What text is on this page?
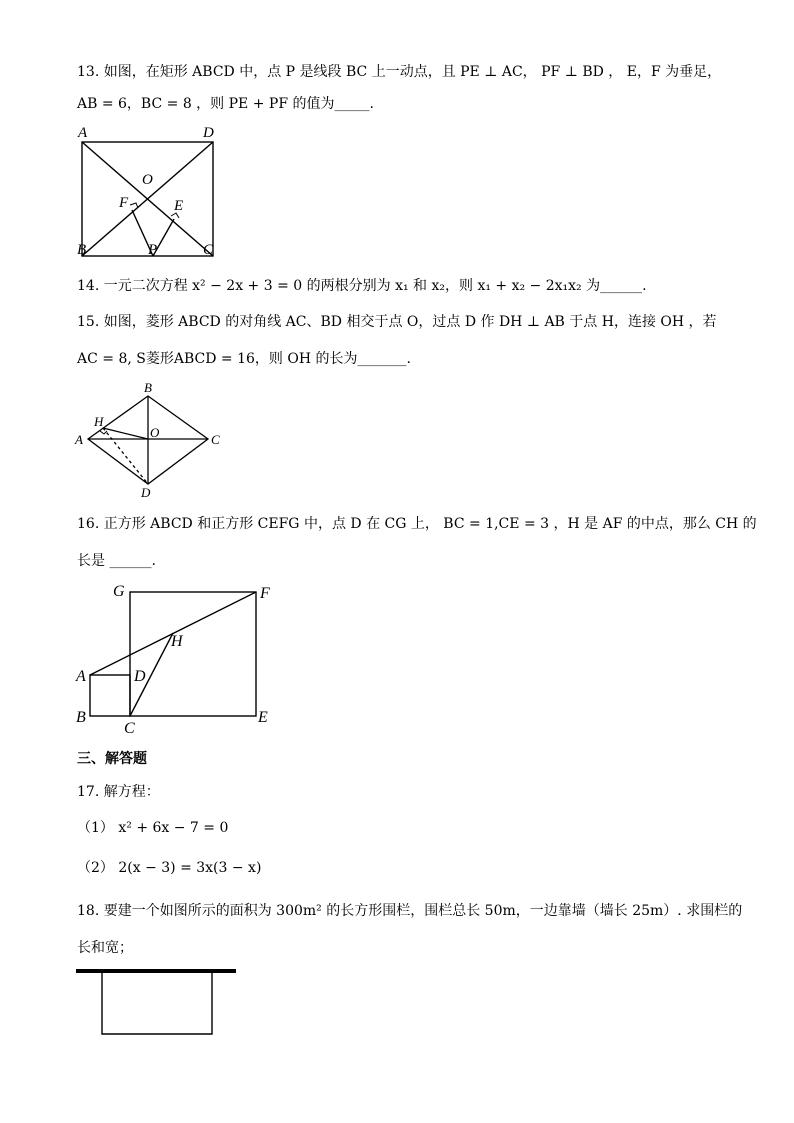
13. 如图，在矩形 ABCD 中，点 P 是线段 BC 上一动点，且 PE ⊥ AC， PF ⊥ BD ， E，F 为垂足，
AB = 6，BC = 8 ，则 PE + PF 的值为_____.
A	D
O
F	E
B	P	C
14. 一元二次方程 x² − 2x + 3 = 0 的两根分别为 x₁ 和 x₂，则 x₁ + x₂ − 2x₁x₂ 为______.
15. 如图，菱形 ABCD 的对角线 AC、BD 相交于点 O，过点 D 作 DH ⊥ AB 于点 H，连接 OH ，若
AC = 8, S菱形ABCD = 16，则 OH 的长为_______.
B
H
A	O	C
D
16. 正方形 ABCD 和正方形 CEFG 中，点 D 在 CG 上， BC = 1,CE = 3 ，H 是 AF 的中点，那么 CH 的
长是 ______.
G	F
H
A	D
B
C
E
三、解答题
17. 解方程：
（1） x² + 6x − 7 = 0
（2） 2(x − 3) = 3x(3 − x)
18. 要建一个如图所示的面积为 300m² 的长方形围栏，围栏总长 50m，一边靠墙（墙长 25m）. 求围栏的
长和宽；
